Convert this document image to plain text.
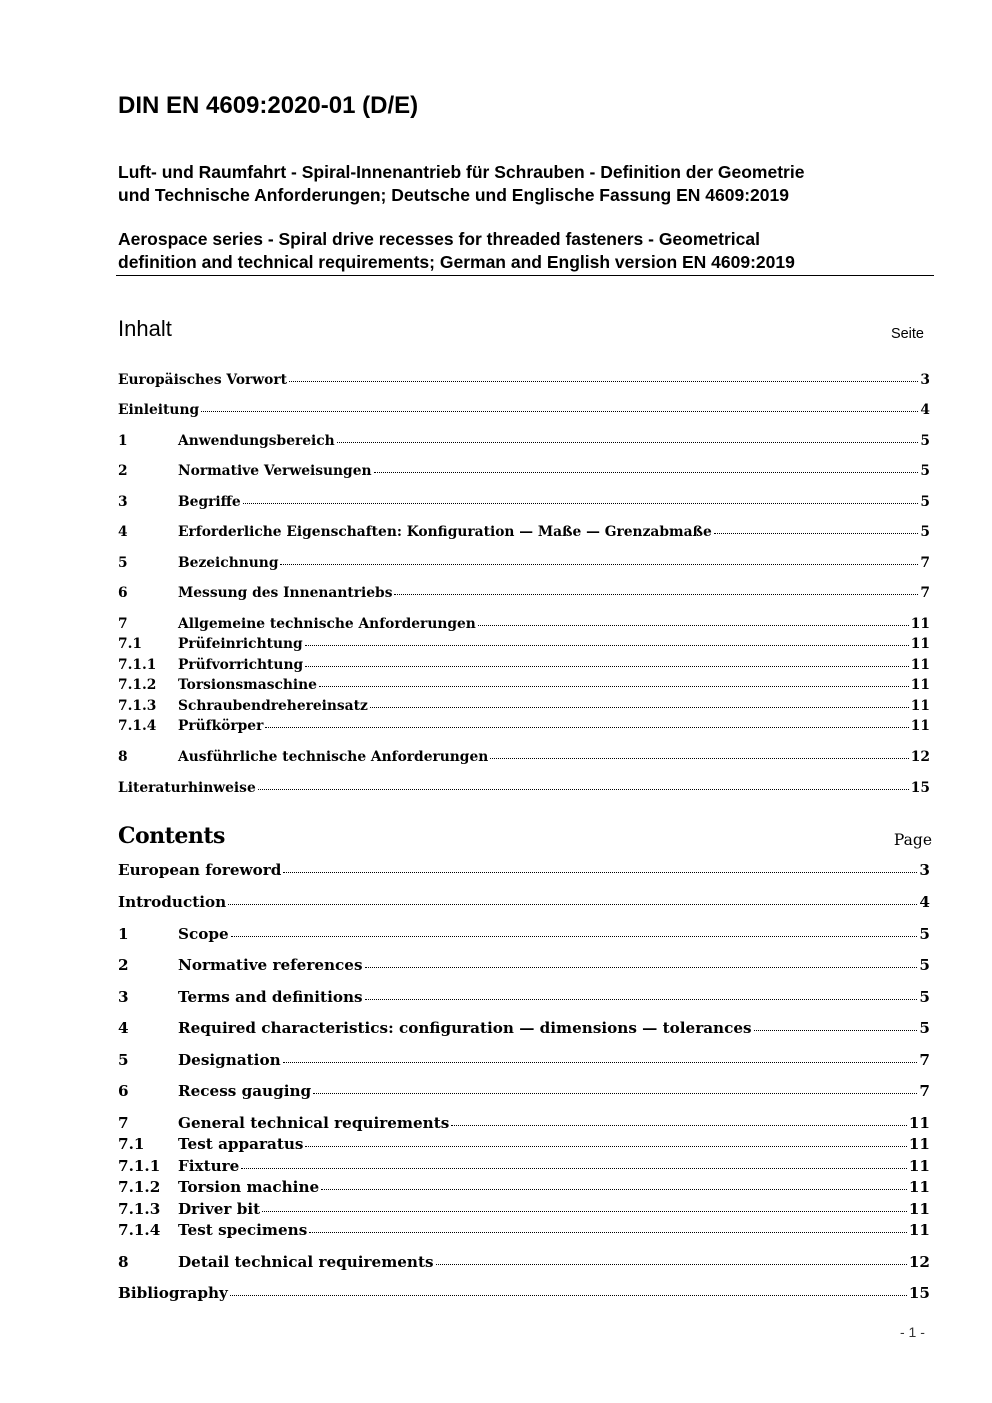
DIN EN 4609:2020-01 (D/E)

Luft- und Raumfahrt - Spiral-Innenantrieb für Schrauben - Definition der Geometrie
und Technische Anforderungen; Deutsche und Englische Fassung EN 4609:2019

Aerospace series - Spiral drive recesses for threaded fasteners - Geometrical
definition and technical requirements; German and English version EN 4609:2019

Inhalt	Seite
Europäisches Vorwort	3
Einleitung	4
1	Anwendungsbereich	5
2	Normative Verweisungen	5
3	Begriffe	5
4	Erforderliche Eigenschaften: Konfiguration — Maße — Grenzabmaße	5
5	Bezeichnung	7
6	Messung des Innenantriebs	7
7	Allgemeine technische Anforderungen	11
7.1	Prüfeinrichtung	11
7.1.1	Prüfvorrichtung	11
7.1.2	Torsionsmaschine	11
7.1.3	Schraubendrehereinsatz	11
7.1.4	Prüfkörper	11
8	Ausführliche technische Anforderungen	12
Literaturhinweise	15
Contents	Page
European foreword	3
Introduction	4
1	Scope	5
2	Normative references	5
3	Terms and definitions	5
4	Required characteristics: configuration — dimensions — tolerances	5
5	Designation	7
6	Recess gauging	7
7	General technical requirements	11
7.1	Test apparatus	11
7.1.1	Fixture	11
7.1.2	Torsion machine	11
7.1.3	Driver bit	11
7.1.4	Test specimens	11
8	Detail technical requirements	12
Bibliography	15
- 1 -
